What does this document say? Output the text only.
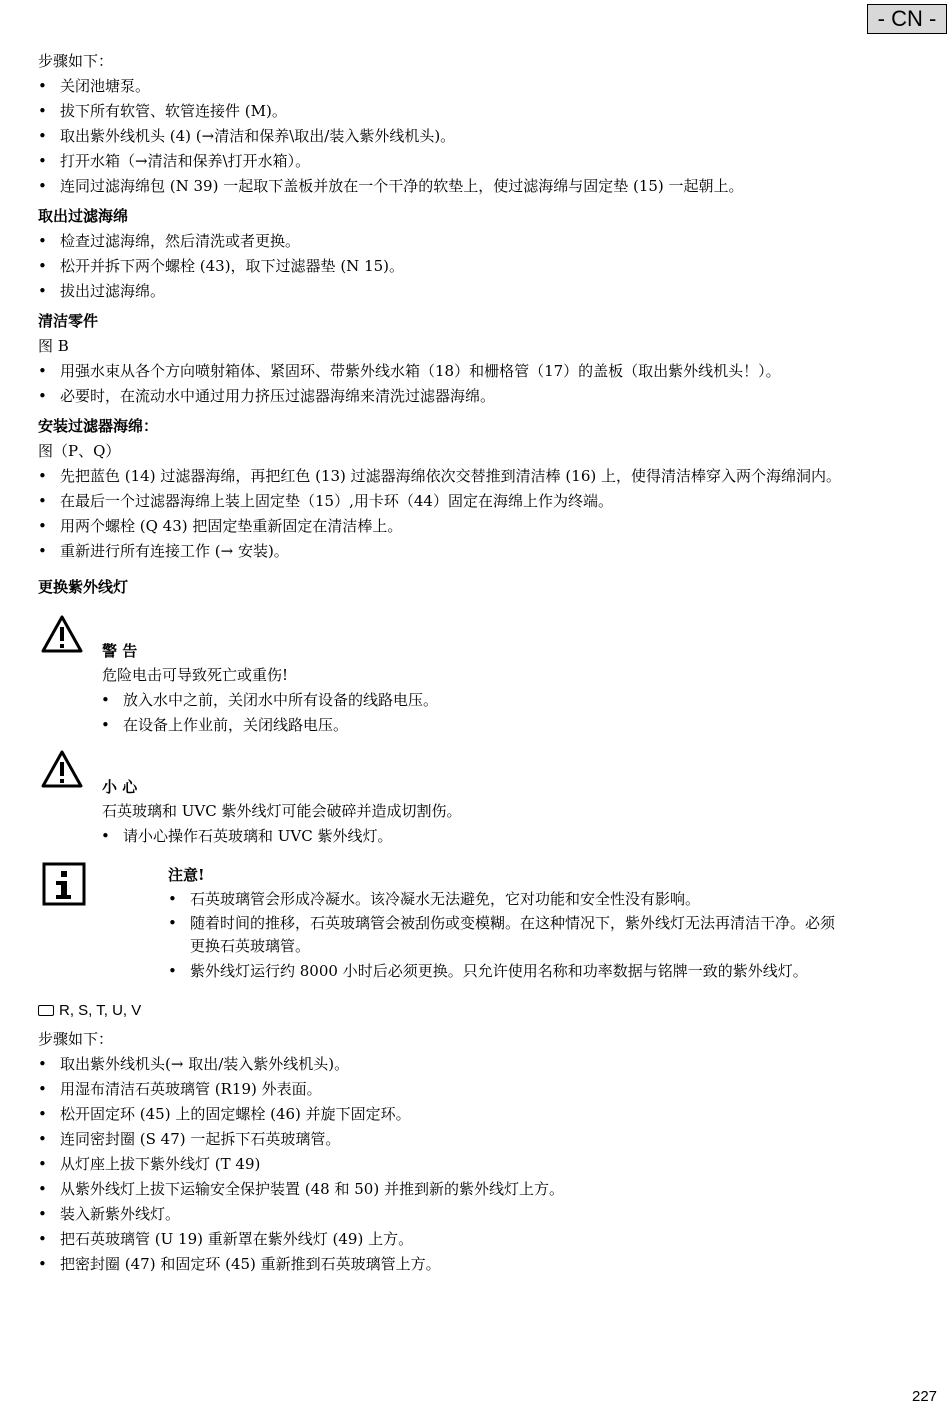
- CN -
步骤如下：
• 关闭池塘泵。
• 拔下所有软管、软管连接件 (M)。
• 取出紫外线机头 (4) (→清洁和保养\取出/装入紫外线机头)。
• 打开水箱（→清洁和保养\打开水箱）。
• 连同过滤海绵包 (N 39) 一起取下盖板并放在一个干净的软垫上，使过滤海绵与固定垫 (15) 一起朝上。
取出过滤海绵
• 检查过滤海绵，然后清洗或者更换。
• 松开并拆下两个螺栓 (43)，取下过滤器垫 (N 15)。
• 拔出过滤海绵。
清洁零件
图 B
• 用强水束从各个方向喷射箱体、紧固环、带紫外线水箱（18）和栅格管（17）的盖板（取出紫外线机头！）。
• 必要时，在流动水中通过用力挤压过滤器海绵来清洗过滤器海绵。
安装过滤器海绵：
图（P、Q）
• 先把蓝色 (14) 过滤器海绵，再把红色 (13) 过滤器海绵依次交替推到清洁棒 (16) 上，使得清洁棒穿入两个海绵洞内。
• 在最后一个过滤器海绵上装上固定垫（15）,用卡环（44）固定在海绵上作为终端。
• 用两个螺栓 (Q 43) 把固定垫重新固定在清洁棒上。
• 重新进行所有连接工作 (→ 安装)。
更换紫外线灯
警 告
危险电击可导致死亡或重伤!
• 放入水中之前，关闭水中所有设备的线路电压。
• 在设备上作业前，关闭线路电压。
小 心
石英玻璃和 UVC 紫外线灯可能会破碎并造成切割伤。
• 请小心操作石英玻璃和 UVC 紫外线灯。
注意!
• 石英玻璃管会形成冷凝水。该冷凝水无法避免，它对功能和安全性没有影响。
• 随着时间的推移，石英玻璃管会被刮伤或变模糊。在这种情况下，紫外线灯无法再清洁干净。必须
更换石英玻璃管。
• 紫外线灯运行约 8000 小时后必须更换。只允许使用名称和功率数据与铭牌一致的紫外线灯。
R, S, T, U, V
步骤如下：
• 取出紫外线机头(→ 取出/装入紫外线机头)。
• 用湿布清洁石英玻璃管 (R19) 外表面。
• 松开固定环 (45) 上的固定螺栓 (46) 并旋下固定环。
• 连同密封圈 (S 47) 一起拆下石英玻璃管。
• 从灯座上拔下紫外线灯 (T 49)
• 从紫外线灯上拔下运输安全保护装置 (48 和 50) 并推到新的紫外线灯上方。
• 装入新紫外线灯。
• 把石英玻璃管 (U 19) 重新罩在紫外线灯 (49) 上方。
• 把密封圈 (47) 和固定环 (45) 重新推到石英玻璃管上方。
227
